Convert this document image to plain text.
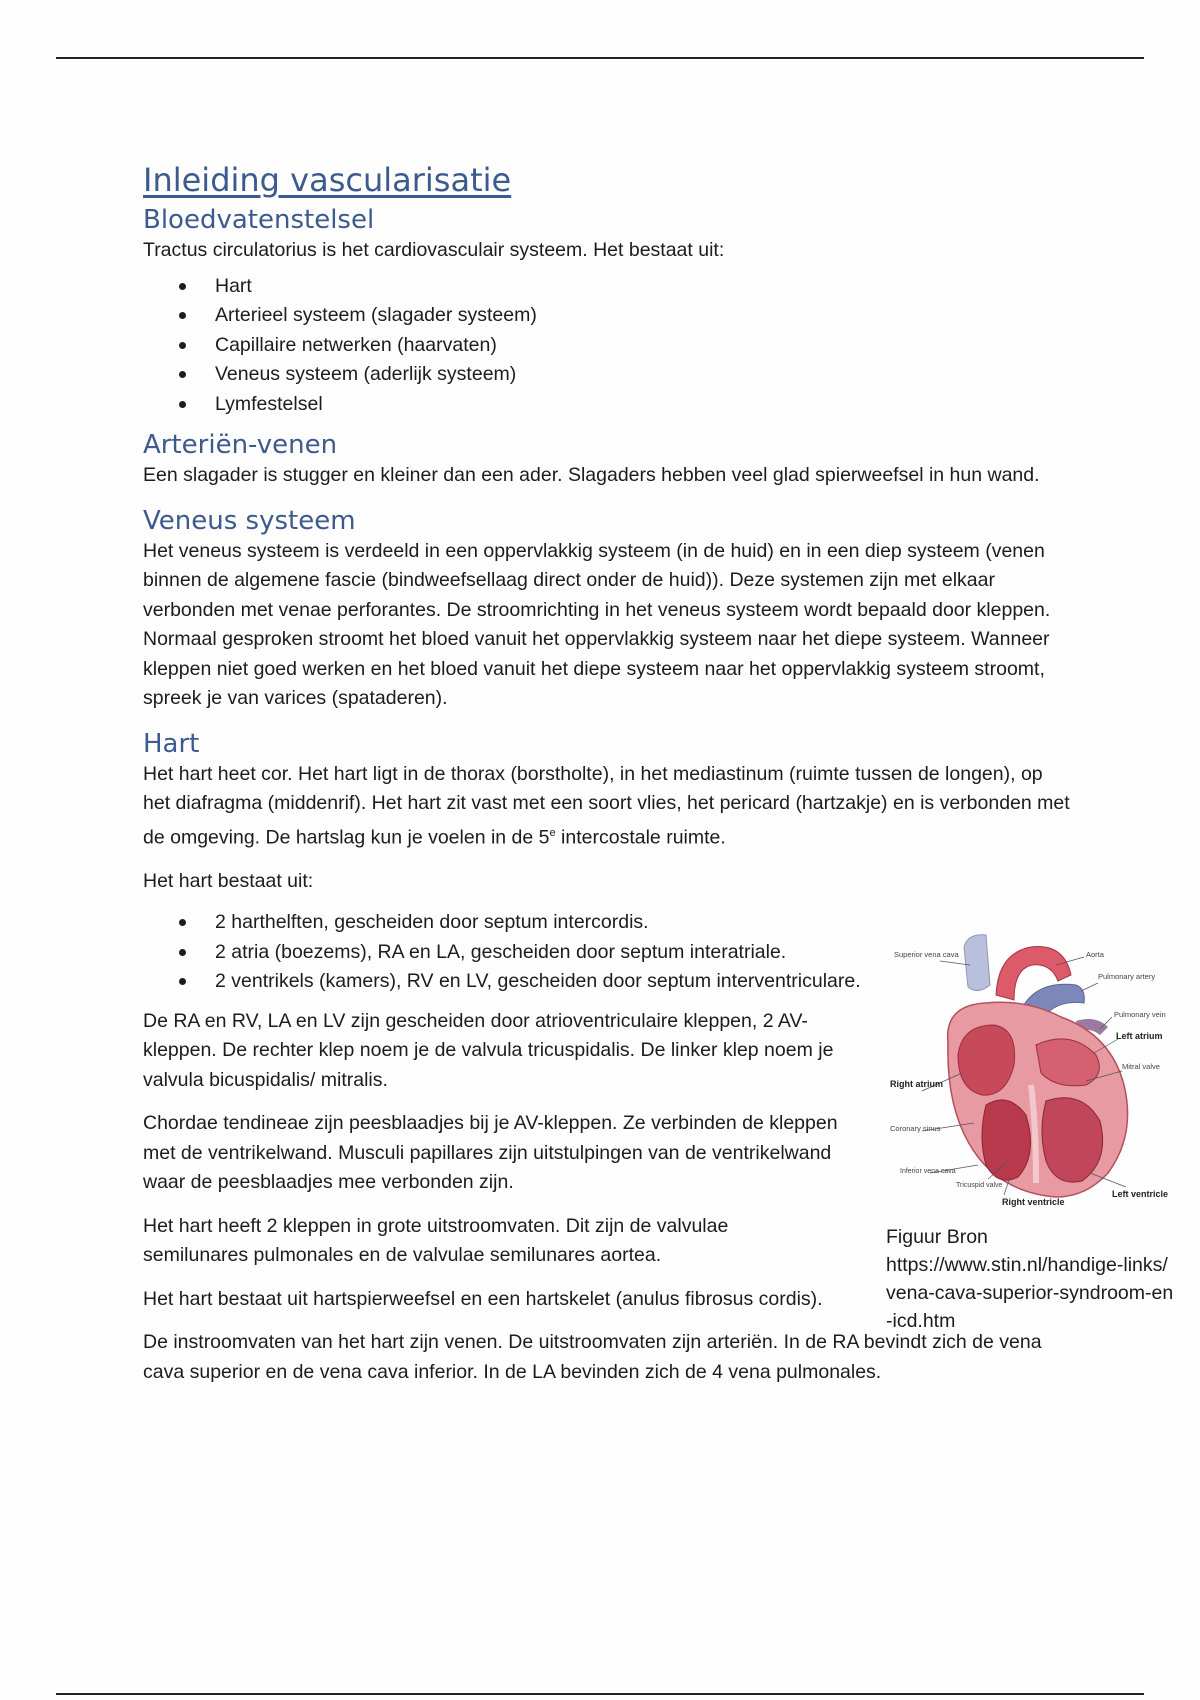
Inleiding vascularisatie
Bloedvatenstelsel

Tractus circulatorius is het cardiovasculair systeem. Het bestaat uit:

Hart
Arterieel systeem (slagader systeem)
Capillaire netwerken (haarvaten)
Veneus systeem (aderlijk systeem)
Lymfestelsel
Arteriën-venen

Een slagader is stugger en kleiner dan een ader. Slagaders hebben veel glad spierweefsel in hun wand.

Veneus systeem

Het veneus systeem is verdeeld in een oppervlakkig systeem (in de huid) en in een diep systeem (venen binnen de algemene fascie (bindweefsellaag direct onder de huid)). Deze systemen zijn met elkaar verbonden met venae perforantes. De stroomrichting in het veneus systeem wordt bepaald door kleppen. Normaal gesproken stroomt het bloed vanuit het oppervlakkig systeem naar het diepe systeem. Wanneer kleppen niet goed werken en het bloed vanuit het diepe systeem naar het oppervlakkig systeem stroomt, spreek je van varices (spataderen).

Hart

Het hart heet cor. Het hart ligt in de thorax (borstholte), in het mediastinum (ruimte tussen de longen), op het diafragma (middenrif). Het hart zit vast met een soort vlies, het pericard (hartzakje) en is verbonden met de omgeving. De hartslag kun je voelen in de 5e intercostale ruimte.

Het hart bestaat uit:

2 harthelften, gescheiden door septum intercordis.
2 atria (boezems), RA en LA, gescheiden door septum interatriale.
2 ventrikels (kamers), RV en LV, gescheiden door septum interventriculare.

De RA en RV, LA en LV zijn gescheiden door atrioventriculaire kleppen, 2 AV-kleppen. De rechter klep noem je de valvula tricuspidalis. De linker klep noem je valvula bicuspidalis/ mitralis.

Chordae tendineae zijn peesblaadjes bij je AV-kleppen. Ze verbinden de kleppen met de ventrikelwand. Musculi papillares zijn uitstulpingen van de ventrikelwand waar de peesblaadjes mee verbonden zijn.

Het hart heeft 2 kleppen in grote uitstroomvaten. Dit zijn de valvulae semilunares pulmonales en de valvulae semilunares aortea.

Het hart bestaat uit hartspierweefsel en een hartskelet (anulus fibrosus cordis).

De instroomvaten van het hart zijn venen. De uitstroomvaten zijn arteriën. In de RA bevindt zich de vena cava superior en de vena cava inferior. In de LA bevinden zich de 4 vena pulmonales.

Superior vena cava	Aorta
Pulmonary artery
Pulmonary vein
Left atrium
Mitral valve
Right atrium
Coronary sinus
Inferior vena cava
Tricuspid valve
Right ventricle
Left ventricle
Figuur Bron
https://www.stin.nl/handige-links/vena-cava-superior-syndroom-en-icd.htm
